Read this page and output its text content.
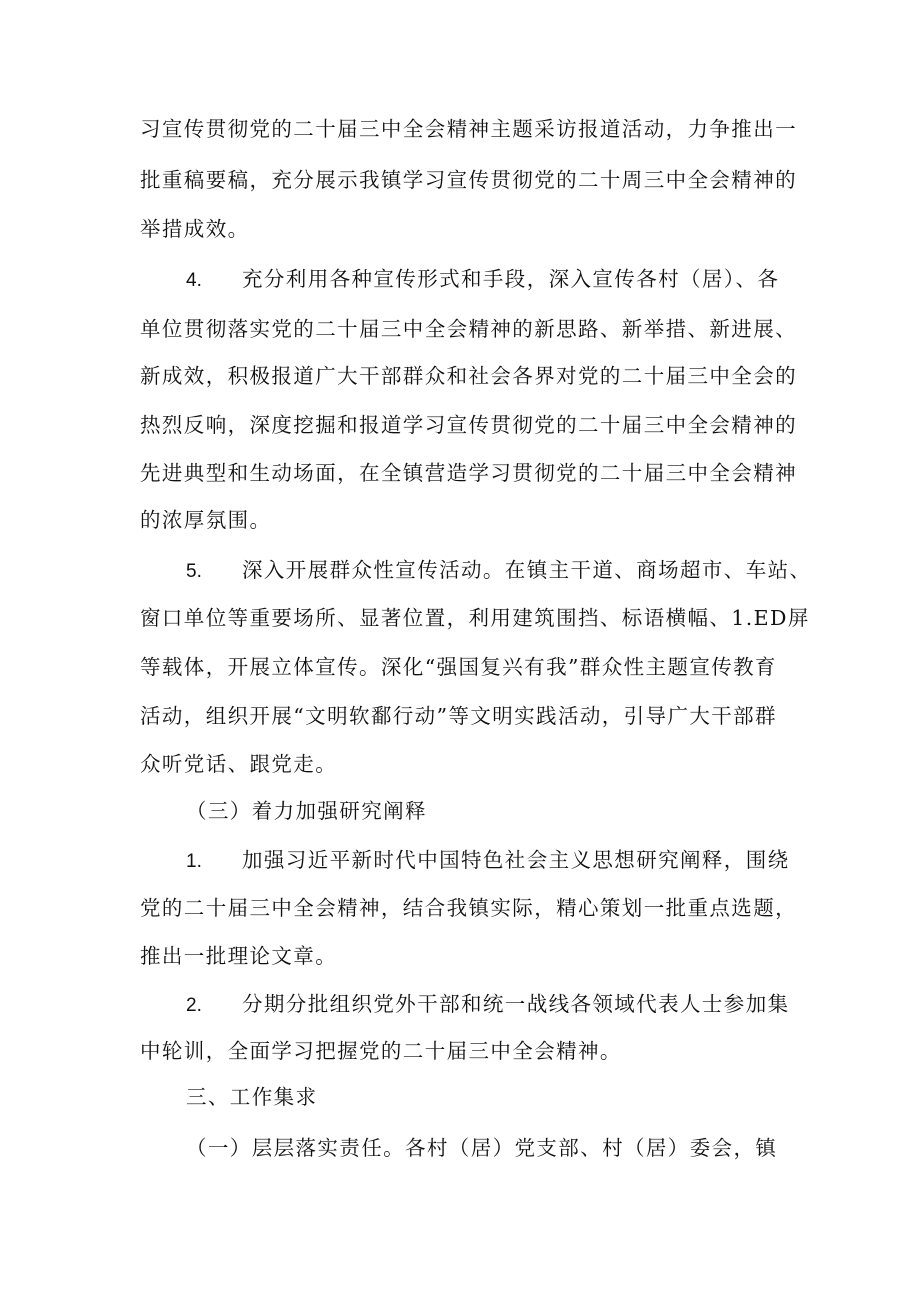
习宣传贯彻党的二十届三中全会精神主题采访报道活动，力争推出一
批重稿要稿，充分展示我镇学习宣传贯彻党的二十周三中全会精神的
举措成效。
4. 充分利用各种宣传形式和手段，深入宣传各村（居）、各
单位贯彻落实党的二十届三中全会精神的新思路、新举措、新进展、
新成效，积极报道广大干部群众和社会各界对党的二十届三中全会的
热烈反响，深度挖掘和报道学习宣传贯彻党的二十届三中全会精神的
先进典型和生动场面，在全镇营造学习贯彻党的二十届三中全会精神
的浓厚氛围。
5. 深入开展群众性宣传活动。在镇主干道、商场超市、车站、
窗口单位等重要场所、显著位置，利用建筑围挡、标语横幅、1.ED屏
等载体，开展立体宣传。深化“强国复兴有我”群众性主题宣传教育
活动，组织开展“文明软鄱行动”等文明实践活动，引导广大干部群
众听党话、跟党走。
（三）着力加强研究阐释
1. 加强习近平新时代中国特色社会主义思想研究阐释，围绕
党的二十届三中全会精神，结合我镇实际，精心策划一批重点选题，
推出一批理论文章。
2. 分期分批组织党外干部和统一战线各领域代表人士参加集
中轮训，全面学习把握党的二十届三中全会精神。
三、工作集求
（一）层层落实责任。各村（居）党支部、村（居）委会，镇
